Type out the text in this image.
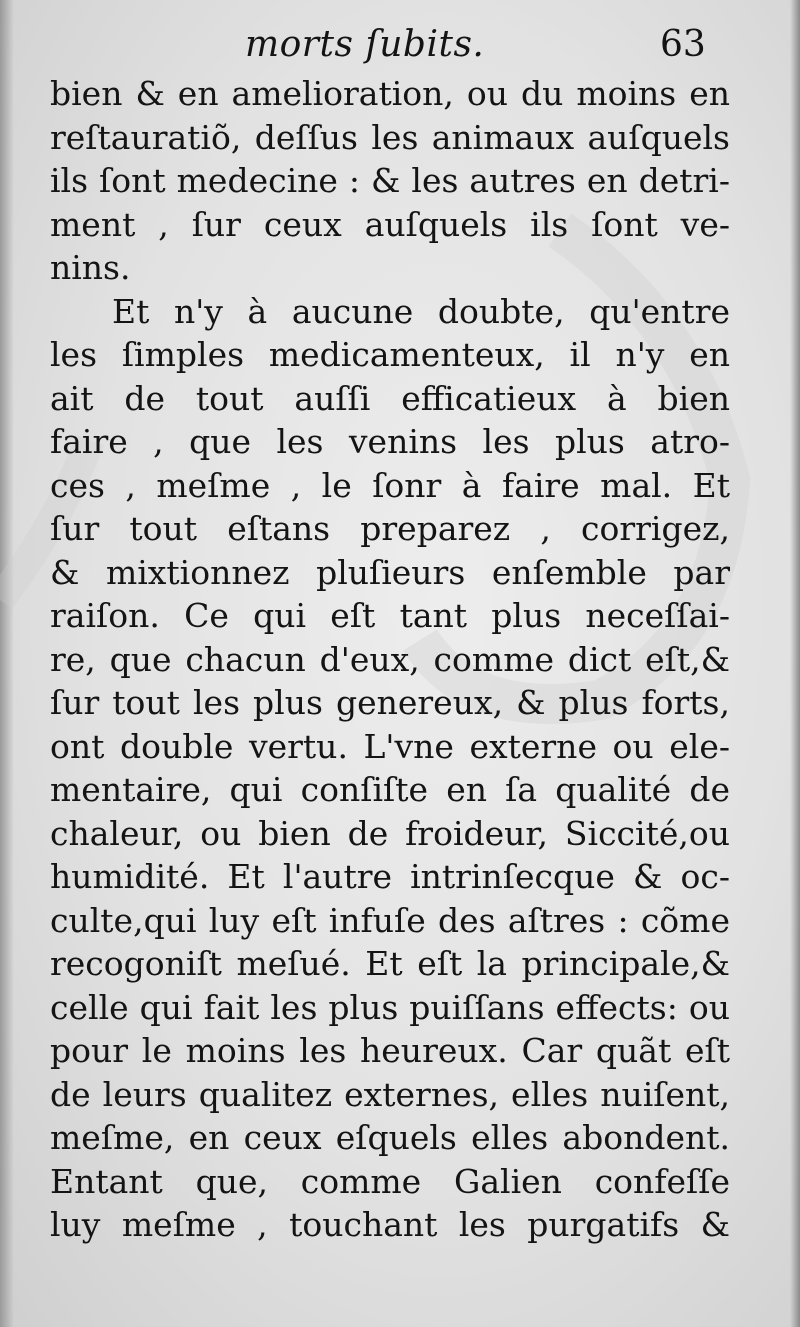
morts ſubits.	63
bien & en amelioration, ou du moins en
reſtauratiõ, deſſus les animaux auſquels
ils ſont medecine : & les autres en detri-
ment , ſur ceux auſquels ils ſont ve-
nins.
Et n'y à aucune doubte, qu'entre
les ſimples medicamenteux, il n'y en
ait de tout auſſi efficatieux à bien
faire , que les venins les plus atro-
ces , meſme , le ſonr à faire mal. Et
ſur tout eſtans preparez , corrigez,
& mixtionnez pluſieurs enſemble par
raiſon. Ce qui eſt tant plus neceſſai-
re, que chacun d'eux, comme dict eſt,&
ſur tout les plus genereux, & plus forts,
ont double vertu. L'vne externe ou ele-
mentaire, qui conſiſte en ſa qualité de
chaleur, ou bien de froideur, Siccité,ou
humidité. Et l'autre intrinſecque & oc-
culte,qui luy eſt infuſe des aſtres : cõme
recogoniſt meſué. Et eſt la principale,&
celle qui fait les plus puiſſans effects: ou
pour le moins les heureux. Car quãt eſt
de leurs qualitez externes, elles nuiſent,
meſme, en ceux eſquels elles abondent.
Entant que, comme Galien confeſſe
luy meſme , touchant les purgatifs &
